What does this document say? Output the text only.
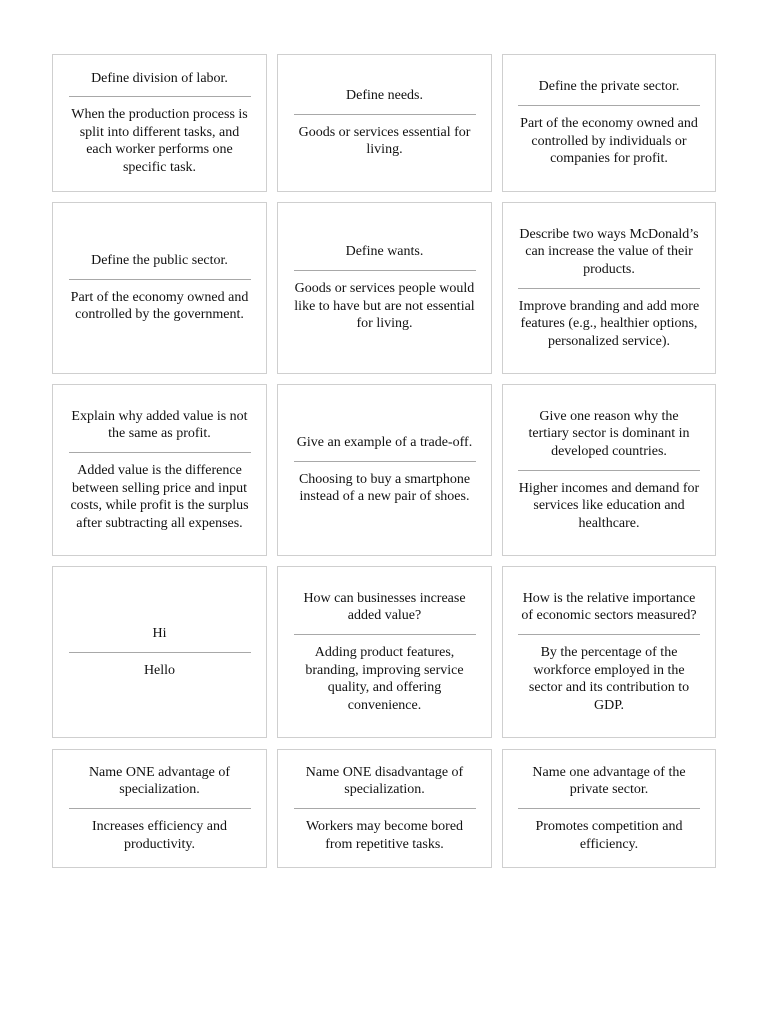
Define division of labor.
When the production process is split into different tasks, and each worker performs one specific task.
Define needs.
Goods or services essential for living.
Define the private sector.
Part of the economy owned and controlled by individuals or companies for profit.
Define the public sector.
Part of the economy owned and controlled by the government.
Define wants.
Goods or services people would like to have but are not essential for living.
Describe two ways McDonald’s can increase the value of their products.
Improve branding and add more features (e.g., healthier options, personalized service).
Explain why added value is not the same as profit.
Added value is the difference between selling price and input costs, while profit is the surplus after subtracting all expenses.
Give an example of a trade-off.
Choosing to buy a smartphone instead of a new pair of shoes.
Give one reason why the tertiary sector is dominant in developed countries.
Higher incomes and demand for services like education and healthcare.
Hi
Hello
How can businesses increase added value?
Adding product features, branding, improving service quality, and offering convenience.
How is the relative importance of economic sectors measured?
By the percentage of the workforce employed in the sector and its contribution to GDP.
Name ONE advantage of specialization.
Increases efficiency and productivity.
Name ONE disadvantage of specialization.
Workers may become bored from repetitive tasks.
Name one advantage of the private sector.
Promotes competition and efficiency.
